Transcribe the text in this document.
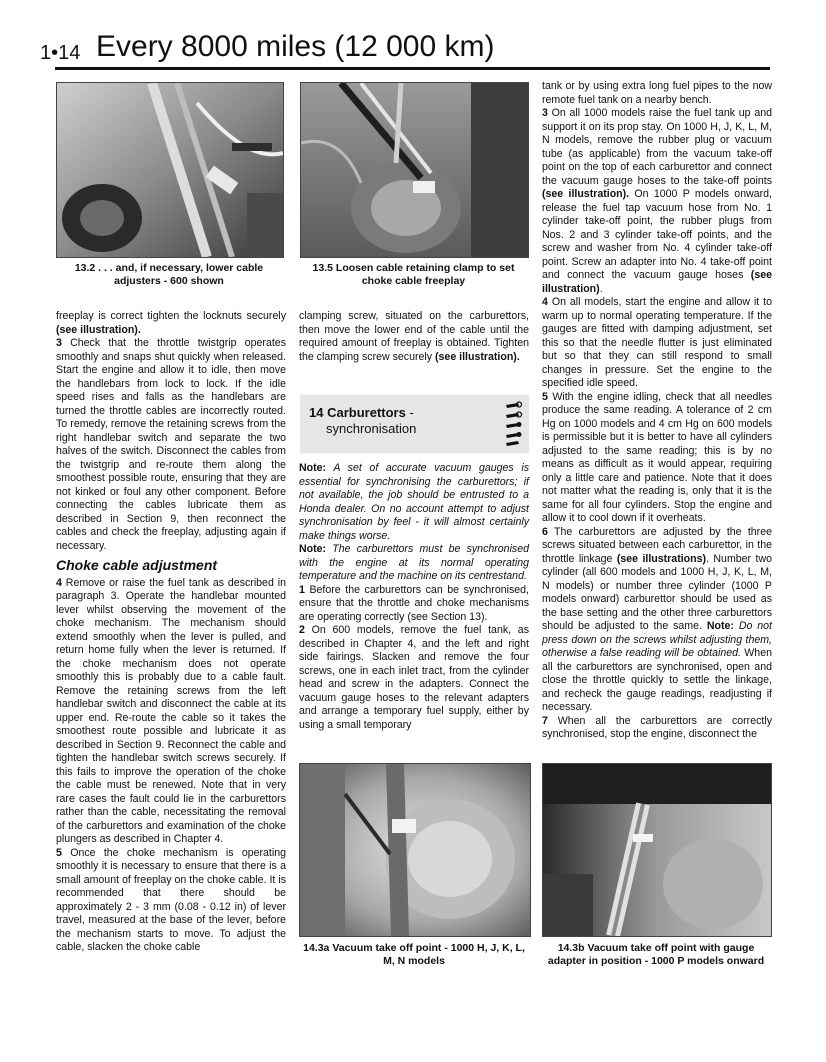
1•14 Every 8000 miles (12 000 km)
13.2 . . . and, if necessary, lower cable adjusters - 600 shown
13.5 Loosen cable retaining clamp to set choke cable freeplay

freeplay is correct tighten the locknuts securely (see illustration).

3 Check that the throttle twistgrip operates smoothly and snaps shut quickly when released. Start the engine and allow it to idle, then move the handlebars from lock to lock. If the idle speed rises and falls as the handlebars are turned the throttle cables are incorrectly routed. To remedy, remove the retaining screws from the right handlebar switch and separate the two halves of the switch. Disconnect the cables from the twistgrip and re-route them along the smoothest possible route, ensuring that they are not kinked or foul any other component. Before connecting the cables lubricate them as described in Section 9, then reconnect the cables and check the freeplay, adjusting again if necessary.

Choke cable adjustment

4 Remove or raise the fuel tank as described in paragraph 3. Operate the handlebar mounted lever whilst observing the movement of the choke mechanism. The mechanism should extend smoothly when the lever is pulled, and return home fully when the lever is returned. If the choke mechanism does not operate smoothly this is probably due to a cable fault. Remove the retaining screws from the left handlebar switch and disconnect the cable at its upper end. Re-route the cable so it takes the smoothest route possible and lubricate it as described in Section 9. Reconnect the cable and tighten the handlebar switch screws securely. If this fails to improve the operation of the choke the cable must be renewed. Note that in very rare cases the fault could lie in the carburettors rather than the cable, necessitating the removal of the carburettors and examination of the choke plungers as described in Chapter 4.

5 Once the choke mechanism is operating smoothly it is necessary to ensure that there is a small amount of freeplay on the choke cable. It is recommended that there should be approximately 2 - 3 mm (0.08 - 0.12 in) of lever travel, measured at the base of the lever, before the mechanism starts to move. To adjust the cable, slacken the choke cable

clamping screw, situated on the carburettors, then move the lower end of the cable until the required amount of freeplay is obtained. Tighten the clamping screw securely (see illustration).

14 Carburettors -
synchronisation

Note: A set of accurate vacuum gauges is essential for synchronising the carburettors; if not available, the job should be entrusted to a Honda dealer. On no account attempt to adjust synchronisation by feel - it will almost certainly make things worse.

Note: The carburettors must be synchronised with the engine at its normal operating temperature and the machine on its centrestand.

1 Before the carburettors can be synchronised, ensure that the throttle and choke mechanisms are operating correctly (see Section 13).

2 On 600 models, remove the fuel tank, as described in Chapter 4, and the left and right side fairings. Slacken and remove the four screws, one in each inlet tract, from the cylinder head and screw in the adapters. Connect the vacuum gauge hoses to the relevant adapters and arrange a temporary fuel supply, either by using a small temporary

tank or by using extra long fuel pipes to the now remote fuel tank on a nearby bench.

3 On all 1000 models raise the fuel tank up and support it on its prop stay. On 1000 H, J, K, L, M, N models, remove the rubber plug or vacuum tube (as applicable) from the vacuum take-off point on the top of each carburettor and connect the vacuum gauge hoses to the take-off points (see illustration). On 1000 P models onward, release the fuel tap vacuum hose from No. 1 cylinder take-off point, the rubber plugs from Nos. 2 and 3 cylinder take-off points, and the screw and washer from No. 4 cylinder take-off point. Screw an adapter into No. 4 take-off point and connect the vacuum gauge hoses (see illustration).

4 On all models, start the engine and allow it to warm up to normal operating temperature. If the gauges are fitted with damping adjustment, set this so that the needle flutter is just eliminated but so that they can still respond to small changes in pressure. Set the engine to the specified idle speed.

5 With the engine idling, check that all needles produce the same reading. A tolerance of 2 cm Hg on 1000 models and 4 cm Hg on 600 models is permissible but it is better to have all cylinders adjusted to the same reading; this is by no means as difficult as it would appear, requiring only a little care and patience. Note that it does not matter what the reading is, only that it is the same for all four cylinders. Stop the engine and allow it to cool down if it overheats.

6 The carburettors are adjusted by the three screws situated between each carburettor, in the throttle linkage (see illustrations). Number two cylinder (all 600 models and 1000 H, J, K, L, M, N models) or number three cylinder (1000 P models onward) carburettor should be used as the base setting and the other three carburettors should be adjusted to the same. Note: Do not press down on the screws whilst adjusting them, otherwise a false reading will be obtained. When all the carburettors are synchronised, open and close the throttle quickly to settle the linkage, and recheck the gauge readings, readjusting if necessary.

7 When all the carburettors are correctly synchronised, stop the engine, disconnect the

14.3a Vacuum take off point - 1000 H, J, K, L, M, N models
14.3b Vacuum take off point with gauge adapter in position - 1000 P models onward
